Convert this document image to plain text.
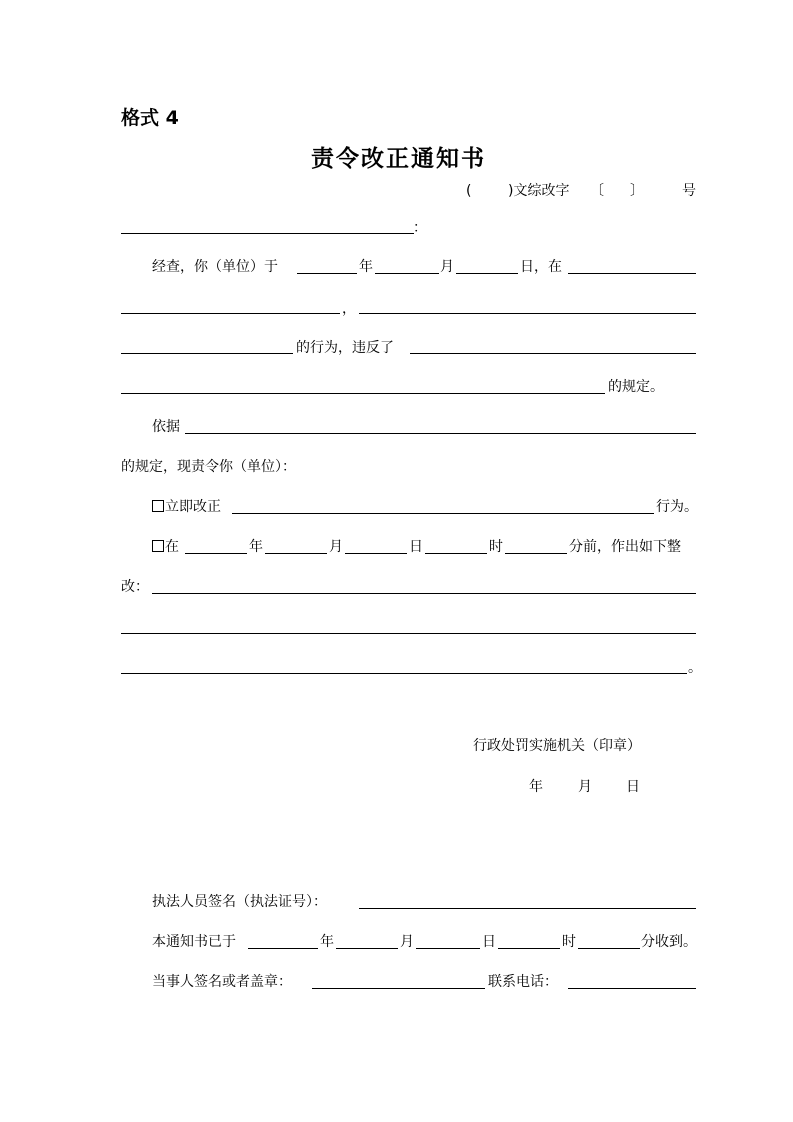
格式 4
责令改正通知书
(	)文综改字 〔 〕	号
：
经查，你（单位）于	年	月	日，在
，
的行为，违反了
的规定。
依据
的规定，现责令你（单位）：
立即改正	行为。
在	年	月	日	时	分前，作出如下整
改：
。
行政处罚实施机关（印章）
年	月 日
执法人员签名（执法证号）：
本通知书已于	年	月	日	时	分收到。
当事人签名或者盖章：	联系电话：
